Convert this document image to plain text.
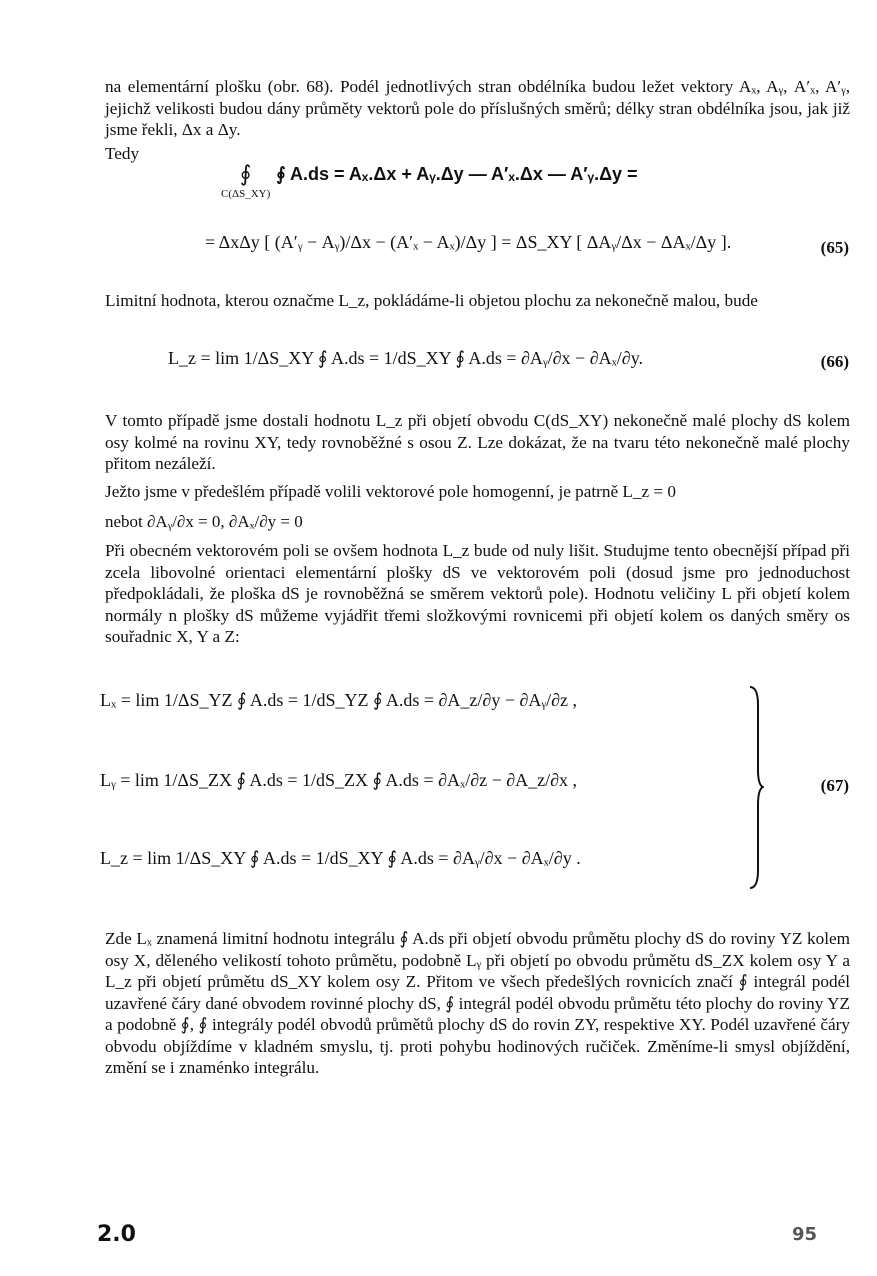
na elementární plošku (obr. 68). Podél jednotlivých stran obdélníka budou ležet vektory Aₓ, Aᵧ, A′ₓ, A′ᵧ, jejichž velikosti budou dány průměty vektorů pole do příslušných směrů; délky stran obdélníka jsou, jak již jsme řekli, Δx a Δy.
Tedy
∮
C(ΔS_XY)
∮ A.ds = Aₓ.Δx + Aᵧ.Δy — A′ₓ.Δx — A′ᵧ.Δy =
= ΔxΔy [ (A′ᵧ − Aᵧ)/Δx − (A′ₓ − Aₓ)/Δy ] = ΔS_XY [ ΔAᵧ/Δx − ΔAₓ/Δy ].	(65)
Limitní hodnota, kterou označme L_z, pokládáme-li objetou plochu za nekonečně malou, bude
L_z = lim 1/ΔS_XY ∮ A.ds = 1/dS_XY ∮ A.ds = ∂Aᵧ/∂x − ∂Aₓ/∂y.	(66)
V tomto případě jsme dostali hodnotu L_z při objetí obvodu C(dS_XY) nekonečně malé plochy dS kolem osy kolmé na rovinu XY, tedy rovnoběžné s osou Z. Lze dokázat, že na tvaru této nekonečně malé plochy přitom nezáleží.
Ježto jsme v předešlém případě volili vektorové pole homogenní, je patrně L_z = 0
nebot ∂Aᵧ/∂x = 0, ∂Aₓ/∂y = 0
Při obecném vektorovém poli se ovšem hodnota L_z bude od nuly lišit. Studujme tento obecnější případ při zcela libovolné orientaci elementární plošky dS ve vektorovém poli (dosud jsme pro jednoduchost předpokládali, že ploška dS je rovnoběžná se směrem vektorů pole). Hodnotu veličiny L při objetí kolem normály n plošky dS můžeme vyjádřit třemi složkovými rovnicemi při objetí kolem os daných směry os souřadnic X, Y a Z:
Lₓ = lim 1/ΔS_YZ ∮ A.ds = 1/dS_YZ ∮ A.ds = ∂A_z/∂y − ∂Aᵧ/∂z ,
Lᵧ = lim 1/ΔS_ZX ∮ A.ds = 1/dS_ZX ∮ A.ds = ∂Aₓ/∂z − ∂A_z/∂x ,
L_z = lim 1/ΔS_XY ∮ A.ds = 1/dS_XY ∮ A.ds = ∂Aᵧ/∂x − ∂Aₓ/∂y .
(67)
Zde Lₓ znamená limitní hodnotu integrálu ∮ A.ds při objetí obvodu průmětu plochy dS do roviny YZ kolem osy X, děleného velikostí tohoto průmětu, podobně Lᵧ při objetí po obvodu průmětu dS_ZX kolem osy Y a L_z při objetí průmětu dS_XY kolem osy Z. Přitom ve všech předešlých rovnicích značí ∮ integrál podél uzavřené čáry dané obvodem rovinné plochy dS, ∮ integrál podél obvodu průmětu této plochy do roviny YZ a podobně ∮, ∮ integrály podél obvodů průmětů plochy dS do rovin ZY, respektive XY. Podél uzavřené čáry obvodu objíždíme v kladném smyslu, tj. proti pohybu hodinových ručiček. Změníme-li smysl objíždění, změní se i znaménko integrálu.
2.0	95
